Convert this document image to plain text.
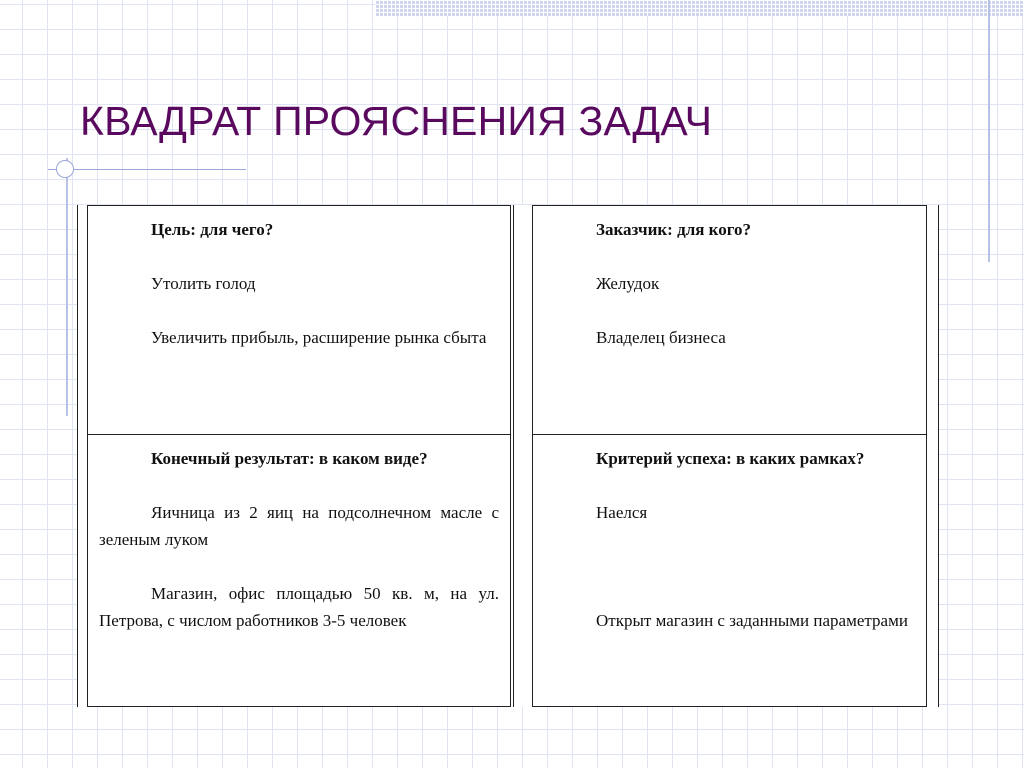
КВАДРАТ ПРОЯСНЕНИЯ ЗАДАЧ

Цель: для чего?

Утолить голод

Увеличить прибыль, расширение рынка сбыта

Заказчик: для кого?

Желудок

Владелец бизнеса

Конечный результат: в каком виде?

Яичница из 2 яиц на подсолнечном масле с зеленым луком

Магазин, офис площадью 50 кв. м, на ул. Петрова, с числом работников 3-5 человек

Критерий успеха: в каких рамках?

Наелся

Открыт магазин с заданными параметрами
